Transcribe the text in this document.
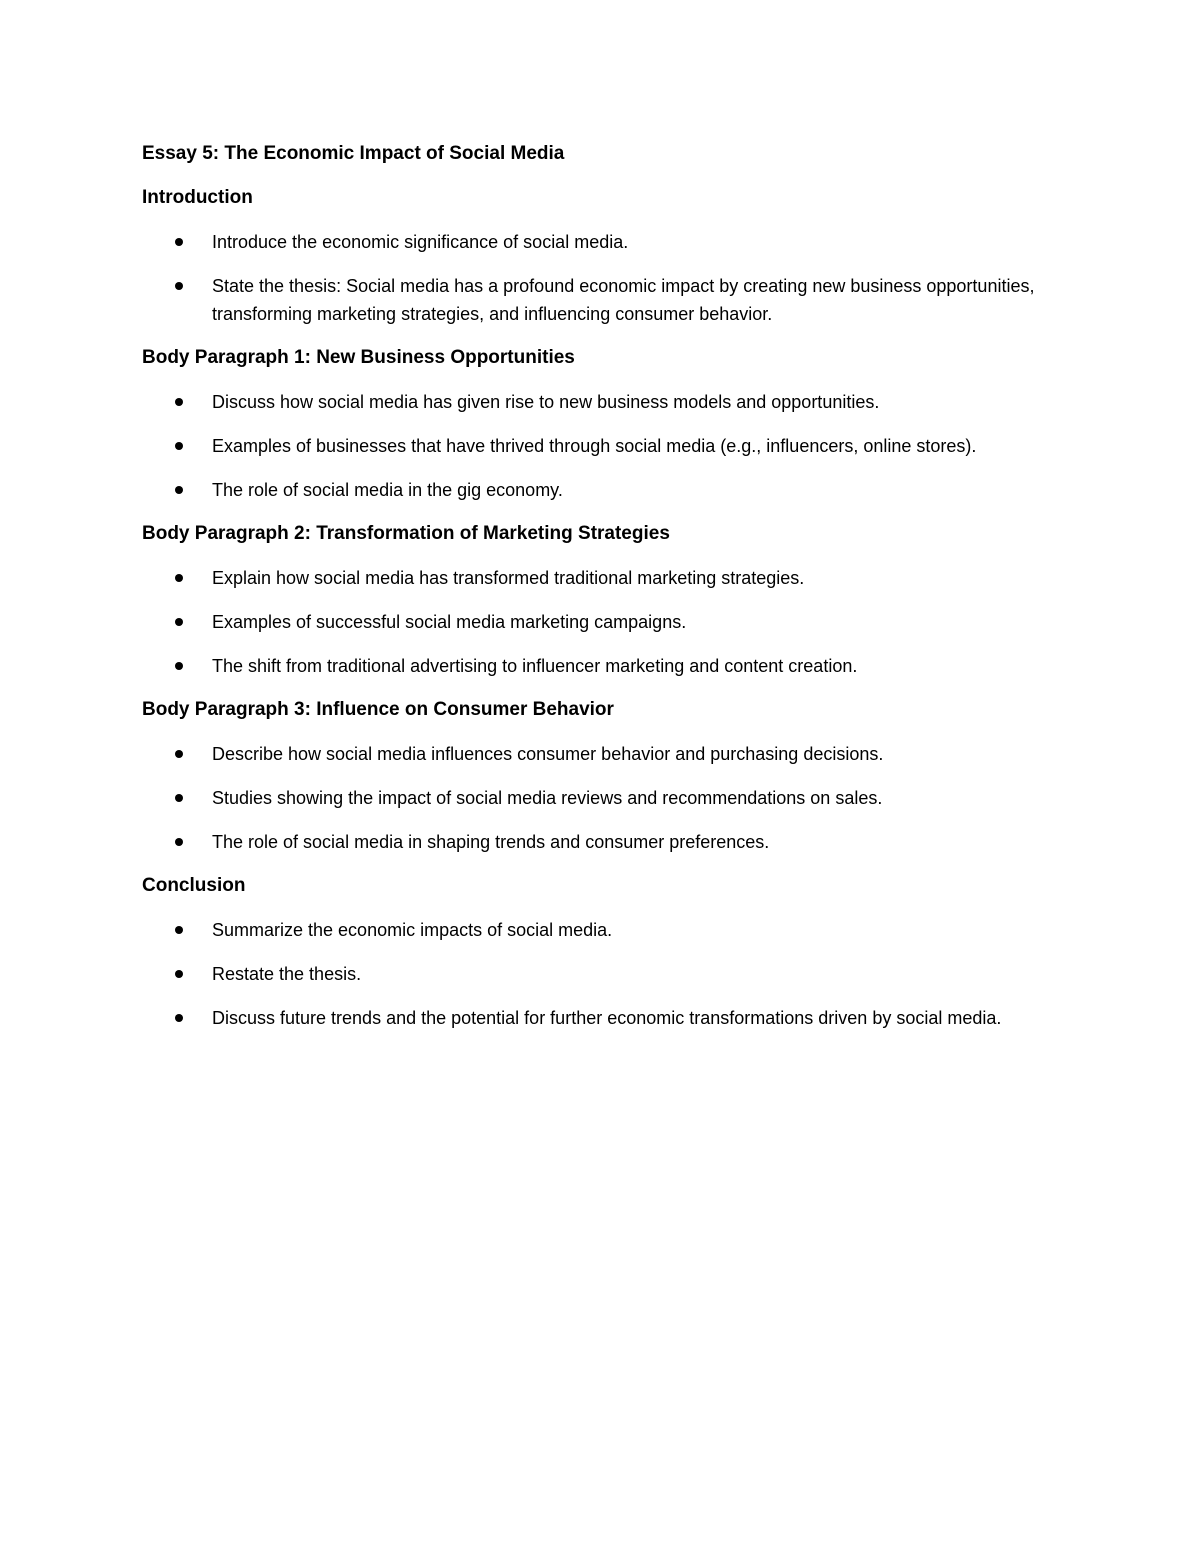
Essay 5: The Economic Impact of Social Media
Introduction
Introduce the economic significance of social media.
State the thesis: Social media has a profound economic impact by creating new business opportunities, transforming marketing strategies, and influencing consumer behavior.
Body Paragraph 1: New Business Opportunities
Discuss how social media has given rise to new business models and opportunities.
Examples of businesses that have thrived through social media (e.g., influencers, online stores).
The role of social media in the gig economy.
Body Paragraph 2: Transformation of Marketing Strategies
Explain how social media has transformed traditional marketing strategies.
Examples of successful social media marketing campaigns.
The shift from traditional advertising to influencer marketing and content creation.
Body Paragraph 3: Influence on Consumer Behavior
Describe how social media influences consumer behavior and purchasing decisions.
Studies showing the impact of social media reviews and recommendations on sales.
The role of social media in shaping trends and consumer preferences.
Conclusion
Summarize the economic impacts of social media.
Restate the thesis.
Discuss future trends and the potential for further economic transformations driven by social media.
